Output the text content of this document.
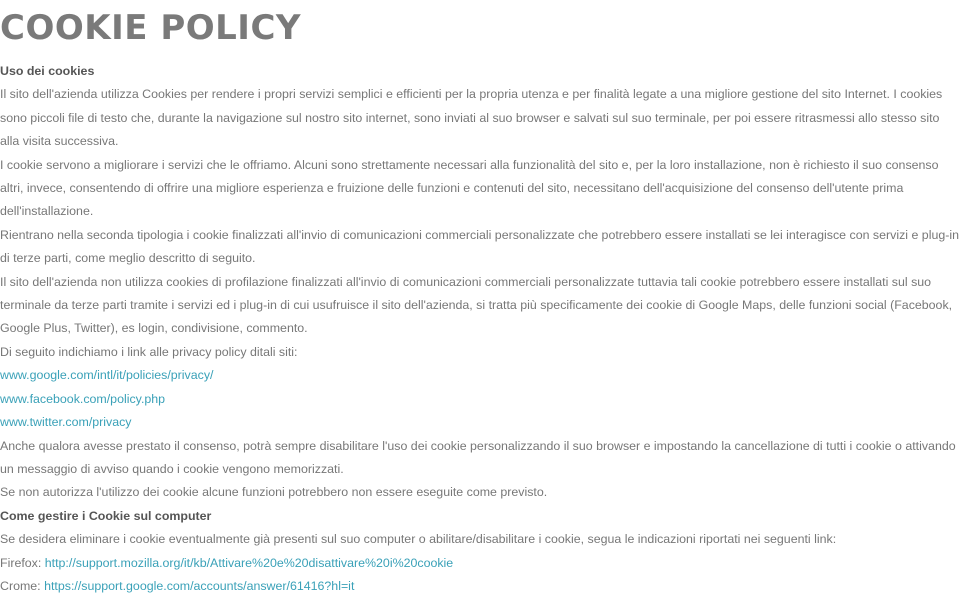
COOKIE POLICY

Uso dei cookies

Il sito dell'azienda utilizza Cookies per rendere i propri servizi semplici e efficienti per la propria utenza e per finalità legate a una migliore gestione del sito Internet. I cookies sono piccoli file di testo che, durante la navigazione sul nostro sito internet, sono inviati al suo browser e salvati sul suo terminale, per poi essere ritrasmessi allo stesso sito alla visita successiva.

I cookie servono a migliorare i servizi che le offriamo. Alcuni sono strettamente necessari alla funzionalità del sito e, per la loro installazione, non è richiesto il suo consenso altri, invece, consentendo di offrire una migliore esperienza e fruizione delle funzioni e contenuti del sito, necessitano dell'acquisizione del consenso dell'utente prima dell'installazione.

Rientrano nella seconda tipologia i cookie finalizzati all'invio di comunicazioni commerciali personalizzate che potrebbero essere installati se lei interagisce con servizi e plug-in di terze parti, come meglio descritto di seguito.

Il sito dell'azienda non utilizza cookies di profilazione finalizzati all'invio di comunicazioni commerciali personalizzate tuttavia tali cookie potrebbero essere installati sul suo terminale da terze parti tramite i servizi ed i plug-in di cui usufruisce il sito dell'azienda, si tratta più specificamente dei cookie di Google Maps, delle funzioni social (Facebook, Google Plus, Twitter), es login, condivisione, commento.

Di seguito indichiamo i link alle privacy policy ditali siti:

www.google.com/intl/it/policies/privacy/

www.facebook.com/policy.php

www.twitter.com/privacy

Anche qualora avesse prestato il consenso, potrà sempre disabilitare l'uso dei cookie personalizzando il suo browser e impostando la cancellazione di tutti i cookie o attivando un messaggio di avviso quando i cookie vengono memorizzati.

Se non autorizza l'utilizzo dei cookie alcune funzioni potrebbero non essere eseguite come previsto.

Come gestire i Cookie sul computer

Se desidera eliminare i cookie eventualmente già presenti sul suo computer o abilitare/disabilitare i cookie, segua le indicazioni riportati nei seguenti link:

Firefox: http://support.mozilla.org/it/kb/Attivare%20e%20disattivare%20i%20cookie

Crome: https://support.google.com/accounts/answer/61416?hl=it
